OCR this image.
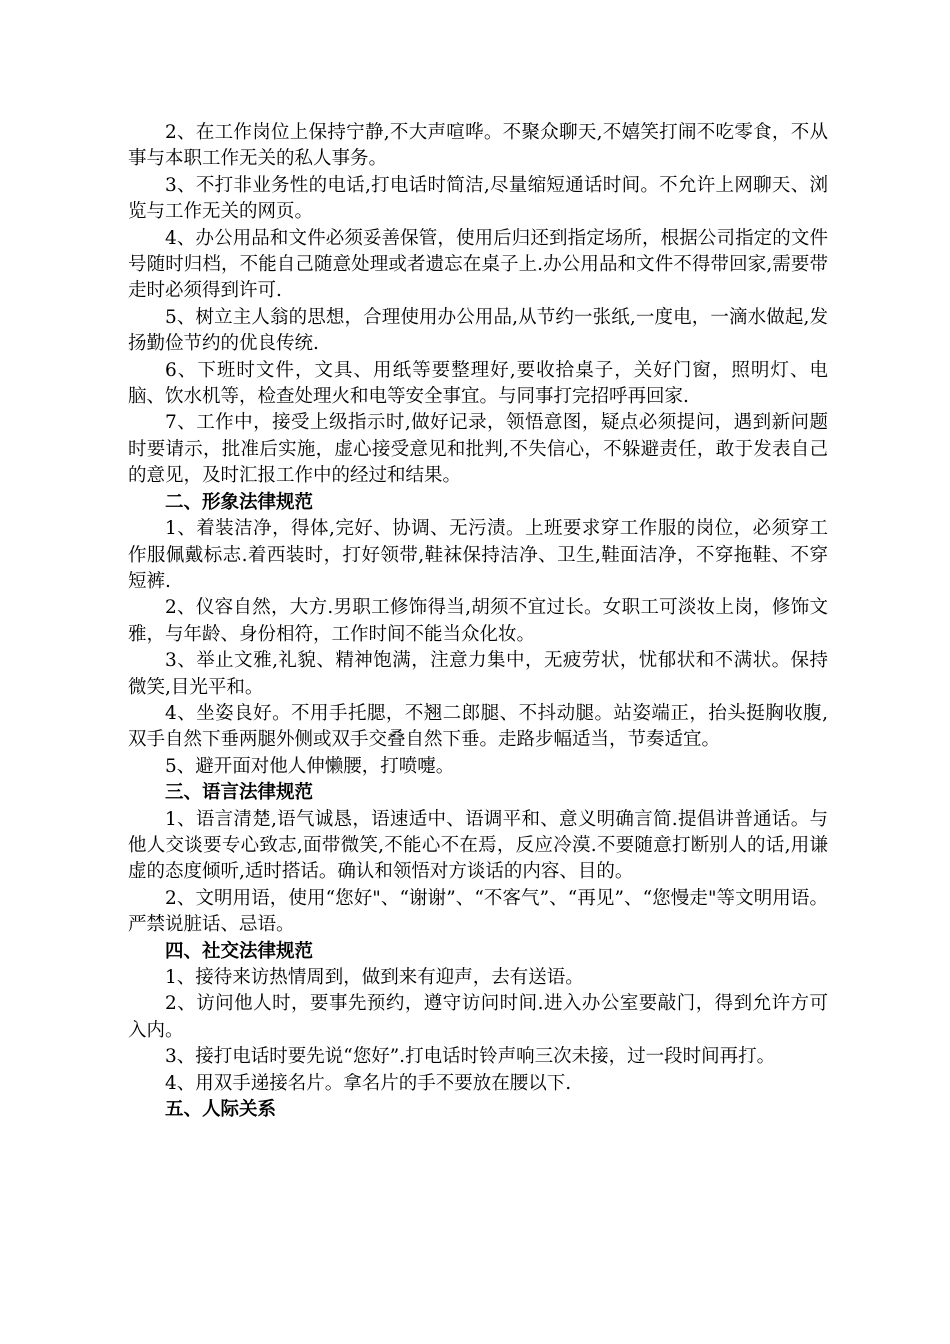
2、在工作岗位上保持宁静,不大声喧哗。不聚众聊天,不嬉笑打闹不吃零食，不从事与本职工作无关的私人事务。

3、不打非业务性的电话,打电话时简洁,尽量缩短通话时间。不允许上网聊天、浏览与工作无关的网页。

4、办公用品和文件必须妥善保管，使用后归还到指定场所，根据公司指定的文件号随时归档，不能自己随意处理或者遗忘在桌子上.办公用品和文件不得带回家,需要带走时必须得到许可.

5、树立主人翁的思想，合理使用办公用品,从节约一张纸,一度电，一滴水做起,发扬勤俭节约的优良传统.

6、下班时文件，文具、用纸等要整理好,要收拾桌子，关好门窗，照明灯、电脑、饮水机等，检查处理火和电等安全事宜。与同事打完招呼再回家.

7、工作中，接受上级指示时,做好记录，领悟意图，疑点必须提问，遇到新问题时要请示，批准后实施，虚心接受意见和批判,不失信心，不躲避责任，敢于发表自己的意见，及时汇报工作中的经过和结果。

二、形象法律规范

1、着装洁净，得体,完好、协调、无污渍。上班要求穿工作服的岗位，必须穿工作服佩戴标志.着西装时，打好领带,鞋袜保持洁净、卫生,鞋面洁净，不穿拖鞋、不穿短裤.

2、仪容自然，大方.男职工修饰得当,胡须不宜过长。女职工可淡妆上岗，修饰文雅，与年龄、身份相符，工作时间不能当众化妆。

3、举止文雅,礼貌、精神饱满，注意力集中，无疲劳状，忧郁状和不满状。保持微笑,目光平和。

4、坐姿良好。不用手托腮，不翘二郎腿、不抖动腿。站姿端正，抬头挺胸收腹,双手自然下垂两腿外侧或双手交叠自然下垂。走路步幅适当，节奏适宜。

5、避开面对他人伸懒腰，打喷嚏。

三、语言法律规范

1、语言清楚,语气诚恳，语速适中、语调平和、意义明确言简.提倡讲普通话。与他人交谈要专心致志,面带微笑,不能心不在焉，反应冷漠.不要随意打断别人的话,用谦虚的态度倾听,适时搭话。确认和领悟对方谈话的内容、目的。

2、文明用语，使用“您好"、“谢谢”、“不客气”、“再见”、“您慢走"等文明用语。严禁说脏话、忌语。

四、社交法律规范

1、接待来访热情周到，做到来有迎声，去有送语。

2、访问他人时，要事先预约，遵守访问时间.进入办公室要敲门，得到允许方可入内。

3、接打电话时要先说“您好”.打电话时铃声响三次未接，过一段时间再打。

4、用双手递接名片。拿名片的手不要放在腰以下.

五、人际关系
